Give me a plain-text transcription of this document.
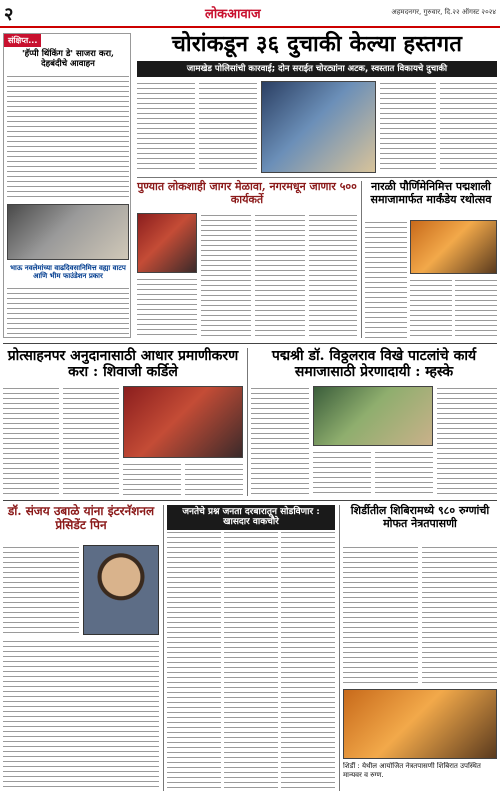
२	लोकआवाज	अहमदनगर, गुरुवार, दि.२२ ऑगस्ट २०२४
संक्षिप्त...
'हॅप्पी थिंकिंग डे' साजरा करा, देहबंदीचे आवाहन
भाऊ नवलेमांच्या वाढदिवसानिमित्त वह्या वाटप आणि भीम फाउंडेशन प्रकार
चोरांकडून ३६ दुचाकी केल्या हस्तगत
जामखेड पोलिसांची कारवाई; दोन सराईत चोरट्यांना अटक, स्वस्तात विकायचे दुचाकी
पुण्यात लोकशाही जागर मेळावा, नगरमधून जाणार ५०० कार्यकर्ते
नारळी पौर्णिमेनिमित्त पद्मशाली समाजामार्फत मार्कंडेय रथोत्सव
प्रोत्साहनपर अनुदानासाठी आधार प्रमाणीकरण करा : शिवाजी कर्डिले
पद्मश्री डॉ. विठ्ठलराव विखे पाटलांचे कार्य समाजासाठी प्रेरणादायी : म्हस्के
डॉ. संजय उबाळे यांना इंटरनॅशनल प्रेसिडेंट पिन
जनतेचे प्रश्न जनता दरबारातून सोडविणार : खासदार वाकचौरे
शिर्डीतील शिबिरामध्ये ९८० रुग्णांची मोफत नेत्रतपासणी
शिर्डी : येथील आयोजित नेत्रतपासणी शिबिरात उपस्थित मान्यवर व रुग्ण.
